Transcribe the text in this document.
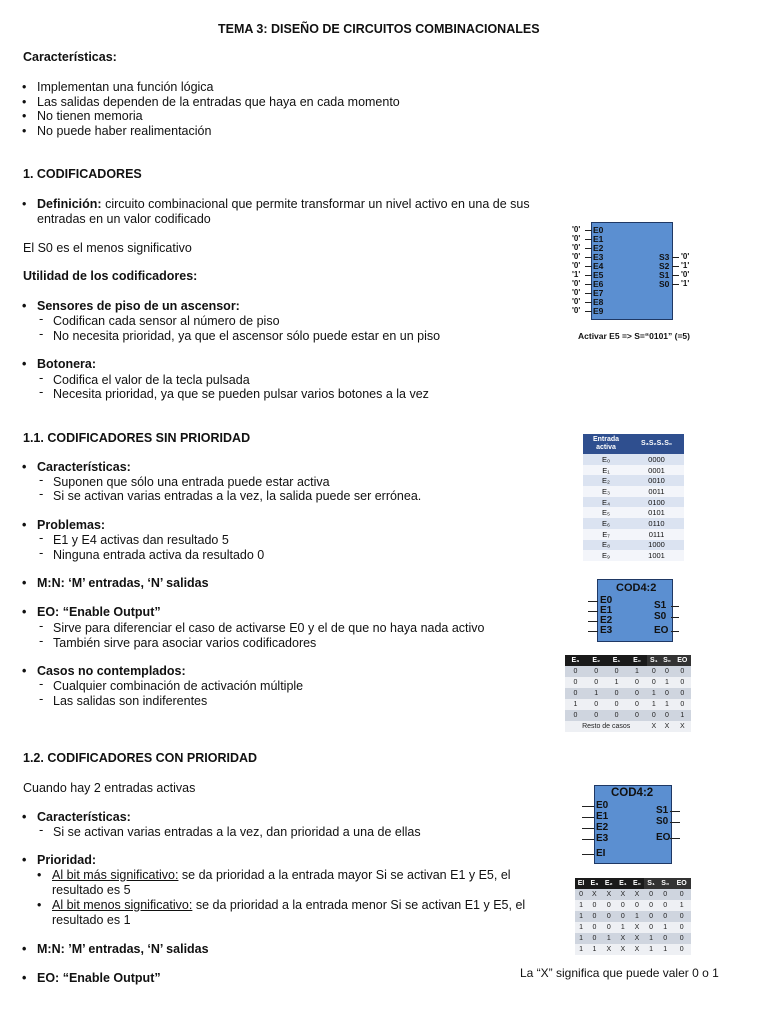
TEMA 3: DISEÑO DE CIRCUITOS COMBINACIONALES
Características:
• Implementan una función lógica
• Las salidas dependen de la entradas que haya en cada momento
• No tienen memoria
• No puede haber realimentación
1. CODIFICADORES
• Definición: circuito combinacional que permite transformar un nivel activo en una de sus
entradas en un valor codificado
El S0 es el menos significativo
Utilidad de los codificadores:
• Sensores de piso de un ascensor:
- Codifican cada sensor al número de piso
- No necesita prioridad, ya que el ascensor sólo puede estar en un piso
• Botonera:
- Codifica el valor de la tecla pulsada
- Necesita prioridad, ya que se pueden pulsar varios botones a la vez
'0' E0
'0' E1
'0' E2
'0' E3
'0' E4
'1' E5
'0' E6
'0' E7
'0' E8
'0' E9
S3 '0'
S2 '1'
S1 '0'
S0 '1'
Activar E5 => S=“0101” (=5)
1.1. CODIFICADORES SIN PRIORIDAD
• Características:
- Suponen que sólo una entrada puede estar activa
- Si se activan varias entradas a la vez, la salida puede ser errónea.
• Problemas:
- E1 y E4 activas dan resultado 5
- Ninguna entrada activa da resultado 0
• M:N: ‘M’ entradas, ‘N’ salidas
• EO: “Enable Output”
- Sirve para diferenciar el caso de activarse E0 y el de que no haya nada activo
- También sirve para asociar varios codificadores
• Casos no contemplados:
- Cualquier combinación de activación múltiple
- Las salidas son indiferentes
Entrada activa	S₃S₂S₁S₀
E₀	0000
E₁	0001
E₂	0010
E₃	0011
E₄	0100
E₅	0101
E₆	0110
E₇	0111
E₈	1000
E₉	1001
COD4:2
E0
E1
E2
E3
S1
S0
EO
E₃	E₂	E₁	E₀	S₁	S₀	EO
0	0	0	1	0	0	0
0	0	1	0	0	1	0
0	1	0	0	1	0	0
1	0	0	0	1	1	0
0	0	0	0	0	0	1
Resto de casos				X	X	X
1.2. CODIFICADORES CON PRIORIDAD
Cuando hay 2 entradas activas
• Características:
- Si se activan varias entradas a la vez, dan prioridad a una de ellas
• Prioridad:
• Al bit más significativo: se da prioridad a la entrada mayor Si se activan E1 y E5, el
resultado es 5
• Al bit menos significativo: se da prioridad a la entrada menor Si se activan E1 y E5, el
resultado es 1
• M:N: ’M’ entradas, ‘N’ salidas
• EO: “Enable Output”
COD4:2
E0
E1
E2
E3
EI
S1
S0
EO
EI	E₃	E₂	E₁	E₀	S₁	S₀	EO
0	X	X	X	X	0	0	0
1	0	0	0	0	0	0	1
1	0	0	0	1	0	0	0
1	0	0	1	X	0	1	0
1	0	1	X	X	1	0	0
1	1	X	X	X	1	1	0
La “X” significa que puede valer 0 o 1
